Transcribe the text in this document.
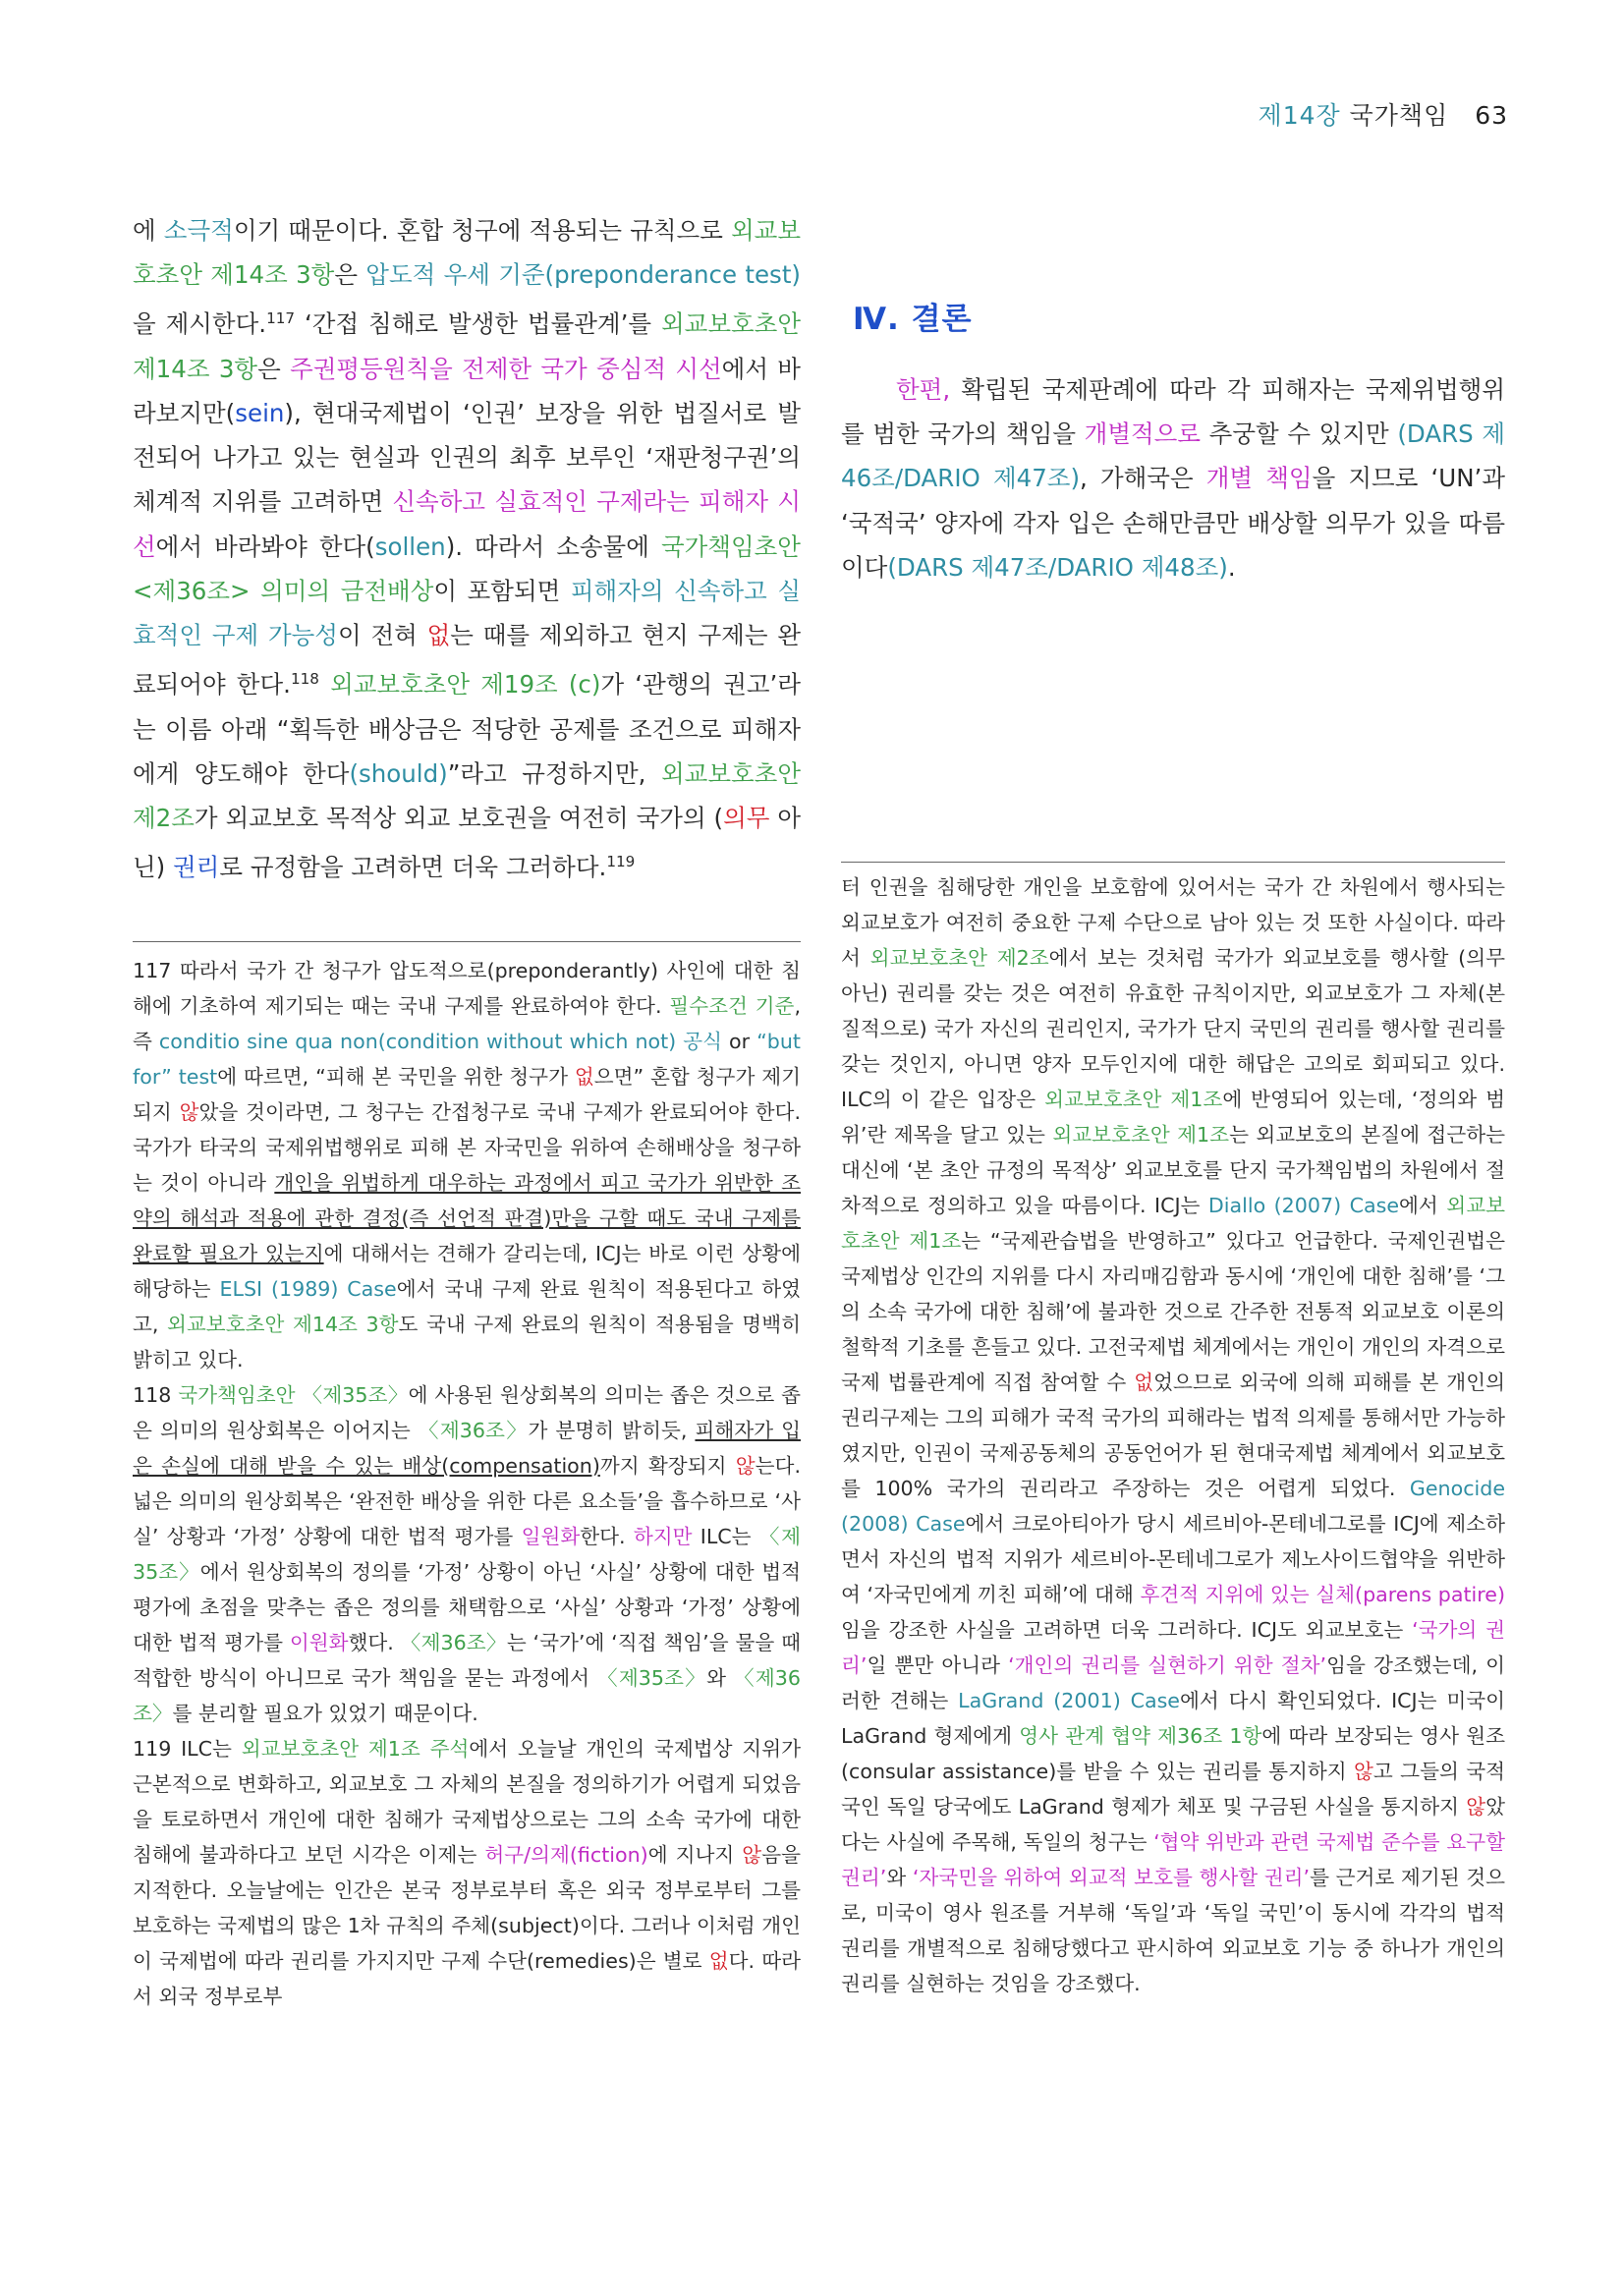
제14장 국가책임 63

에 소극적이기 때문이다. 혼합 청구에 적용되는 규칙으로 외교보호초안 제14조 3항은 압도적 우세 기준(preponderance test)을 제시한다.$^{117}$ ‘간접 침해로 발생한 법률관계’를 외교보호초안 제14조 3항은 주권평등원칙을 전제한 국가 중심적 시선에서 바라보지만(sein), 현대국제법이 ‘인권’ 보장을 위한 법질서로 발전되어 나가고 있는 현실과 인권의 최후 보루인 ‘재판청구권’의 체계적 지위를 고려하면 신속하고 실효적인 구제라는 피해자 시선에서 바라봐야 한다(sollen). 따라서 소송물에 국가책임초안 <제36조> 의미의 금전배상이 포함되면 피해자의 신속하고 실효적인 구제 가능성이 전혀 없는 때를 제외하고 현지 구제는 완료되어야 한다.$^{118}$ 외교보호초안 제19조 (c)가 ‘관행의 권고’라는 이름 아래 “획득한 배상금은 적당한 공제를 조건으로 피해자에게 양도해야 한다(should)”라고 규정하지만, 외교보호초안 제2조가 외교보호 목적상 외교 보호권을 여전히 국가의 (의무 아닌) 권리로 규정함을 고려하면 더욱 그러하다.$^{119}$

117 따라서 국가 간 청구가 압도적으로(preponderantly) 사인에 대한 침해에 기초하여 제기되는 때는 국내 구제를 완료하여야 한다. 필수조건 기준, 즉 conditio sine qua non(condition without which not) 공식 or “but for” test에 따르면, “피해 본 국민을 위한 청구가 없으면” 혼합 청구가 제기되지 않았을 것이라면, 그 청구는 간접청구로 국내 구제가 완료되어야 한다. 국가가 타국의 국제위법행위로 피해 본 자국민을 위하여 손해배상을 청구하는 것이 아니라 개인을 위법하게 대우하는 과정에서 피고 국가가 위반한 조약의 해석과 적용에 관한 결정(즉 선언적 판결)만을 구할 때도 국내 구제를 완료할 필요가 있는지에 대해서는 견해가 갈리는데, ICJ는 바로 이런 상황에 해당하는 ELSI (1989) Case에서 국내 구제 완료 원칙이 적용된다고 하였고, 외교보호초안 제14조 3항도 국내 구제 완료의 원칙이 적용됨을 명백히 밝히고 있다.

118 국가책임초안 〈제35조〉에 사용된 원상회복의 의미는 좁은 것으로 좁은 의미의 원상회복은 이어지는 〈제36조〉가 분명히 밝히듯, 피해자가 입은 손실에 대해 받을 수 있는 배상(compensation)까지 확장되지 않는다. 넓은 의미의 원상회복은 ‘완전한 배상을 위한 다른 요소들’을 흡수하므로 ‘사실’ 상황과 ‘가정’ 상황에 대한 법적 평가를 일원화한다. 하지만 ILC는 〈제35조〉에서 원상회복의 정의를 ‘가정’ 상황이 아닌 ‘사실’ 상황에 대한 법적 평가에 초점을 맞추는 좁은 정의를 채택함으로 ‘사실’ 상황과 ‘가정’ 상황에 대한 법적 평가를 이원화했다. 〈제36조〉는 ‘국가’에 ‘직접 책임’을 물을 때 적합한 방식이 아니므로 국가 책임을 묻는 과정에서 〈제35조〉와 〈제36조〉를 분리할 필요가 있었기 때문이다.

119 ILC는 외교보호초안 제1조 주석에서 오늘날 개인의 국제법상 지위가 근본적으로 변화하고, 외교보호 그 자체의 본질을 정의하기가 어렵게 되었음을 토로하면서 개인에 대한 침해가 국제법상으로는 그의 소속 국가에 대한 침해에 불과하다고 보던 시각은 이제는 허구/의제(fiction)에 지나지 않음을 지적한다. 오늘날에는 인간은 본국 정부로부터 혹은 외국 정부로부터 그를 보호하는 국제법의 많은 1차 규칙의 주체(subject)이다. 그러나 이처럼 개인이 국제법에 따라 권리를 가지지만 구제 수단(remedies)은 별로 없다. 따라서 외국 정부로부

Ⅳ. 결론

한편, 확립된 국제판례에 따라 각 피해자는 국제위법행위를 범한 국가의 책임을 개별적으로 추궁할 수 있지만 (DARS 제46조/DARIO 제47조), 가해국은 개별 책임을 지므로 ‘UN’과 ‘국적국’ 양자에 각자 입은 손해만큼만 배상할 의무가 있을 따름이다(DARS 제47조/DARIO 제48조).

터 인권을 침해당한 개인을 보호함에 있어서는 국가 간 차원에서 행사되는 외교보호가 여전히 중요한 구제 수단으로 남아 있는 것 또한 사실이다. 따라서 외교보호초안 제2조에서 보는 것처럼 국가가 외교보호를 행사할 (의무 아닌) 권리를 갖는 것은 여전히 유효한 규칙이지만, 외교보호가 그 자체(본질적으로) 국가 자신의 권리인지, 국가가 단지 국민의 권리를 행사할 권리를 갖는 것인지, 아니면 양자 모두인지에 대한 해답은 고의로 회피되고 있다. ILC의 이 같은 입장은 외교보호초안 제1조에 반영되어 있는데, ‘정의와 범위’란 제목을 달고 있는 외교보호초안 제1조는 외교보호의 본질에 접근하는 대신에 ‘본 초안 규정의 목적상’ 외교보호를 단지 국가책임법의 차원에서 절차적으로 정의하고 있을 따름이다. ICJ는 Diallo (2007) Case에서 외교보호초안 제1조는 “국제관습법을 반영하고” 있다고 언급한다. 국제인권법은 국제법상 인간의 지위를 다시 자리매김함과 동시에 ‘개인에 대한 침해’를 ‘그의 소속 국가에 대한 침해’에 불과한 것으로 간주한 전통적 외교보호 이론의 철학적 기초를 흔들고 있다. 고전국제법 체계에서는 개인이 개인의 자격으로 국제 법률관계에 직접 참여할 수 없었으므로 외국에 의해 피해를 본 개인의 권리구제는 그의 피해가 국적 국가의 피해라는 법적 의제를 통해서만 가능하였지만, 인권이 국제공동체의 공동언어가 된 현대국제법 체계에서 외교보호를 100% 국가의 권리라고 주장하는 것은 어렵게 되었다. Genocide (2008) Case에서 크로아티아가 당시 세르비아-몬테네그로를 ICJ에 제소하면서 자신의 법적 지위가 세르비아-몬테네그로가 제노사이드협약을 위반하여 ‘자국민에게 끼친 피해’에 대해 후견적 지위에 있는 실체(parens patire)임을 강조한 사실을 고려하면 더욱 그러하다. ICJ도 외교보호는 ‘국가의 권리’일 뿐만 아니라 ‘개인의 권리를 실현하기 위한 절차’임을 강조했는데, 이러한 견해는 LaGrand (2001) Case에서 다시 확인되었다. ICJ는 미국이 LaGrand 형제에게 영사 관계 협약 제36조 1항에 따라 보장되는 영사 원조(consular assistance)를 받을 수 있는 권리를 통지하지 않고 그들의 국적국인 독일 당국에도 LaGrand 형제가 체포 및 구금된 사실을 통지하지 않았다는 사실에 주목해, 독일의 청구는 ‘협약 위반과 관련 국제법 준수를 요구할 권리’와 ‘자국민을 위하여 외교적 보호를 행사할 권리’를 근거로 제기된 것으로, 미국이 영사 원조를 거부해 ‘독일’과 ‘독일 국민’이 동시에 각각의 법적 권리를 개별적으로 침해당했다고 판시하여 외교보호 기능 중 하나가 개인의 권리를 실현하는 것임을 강조했다.
